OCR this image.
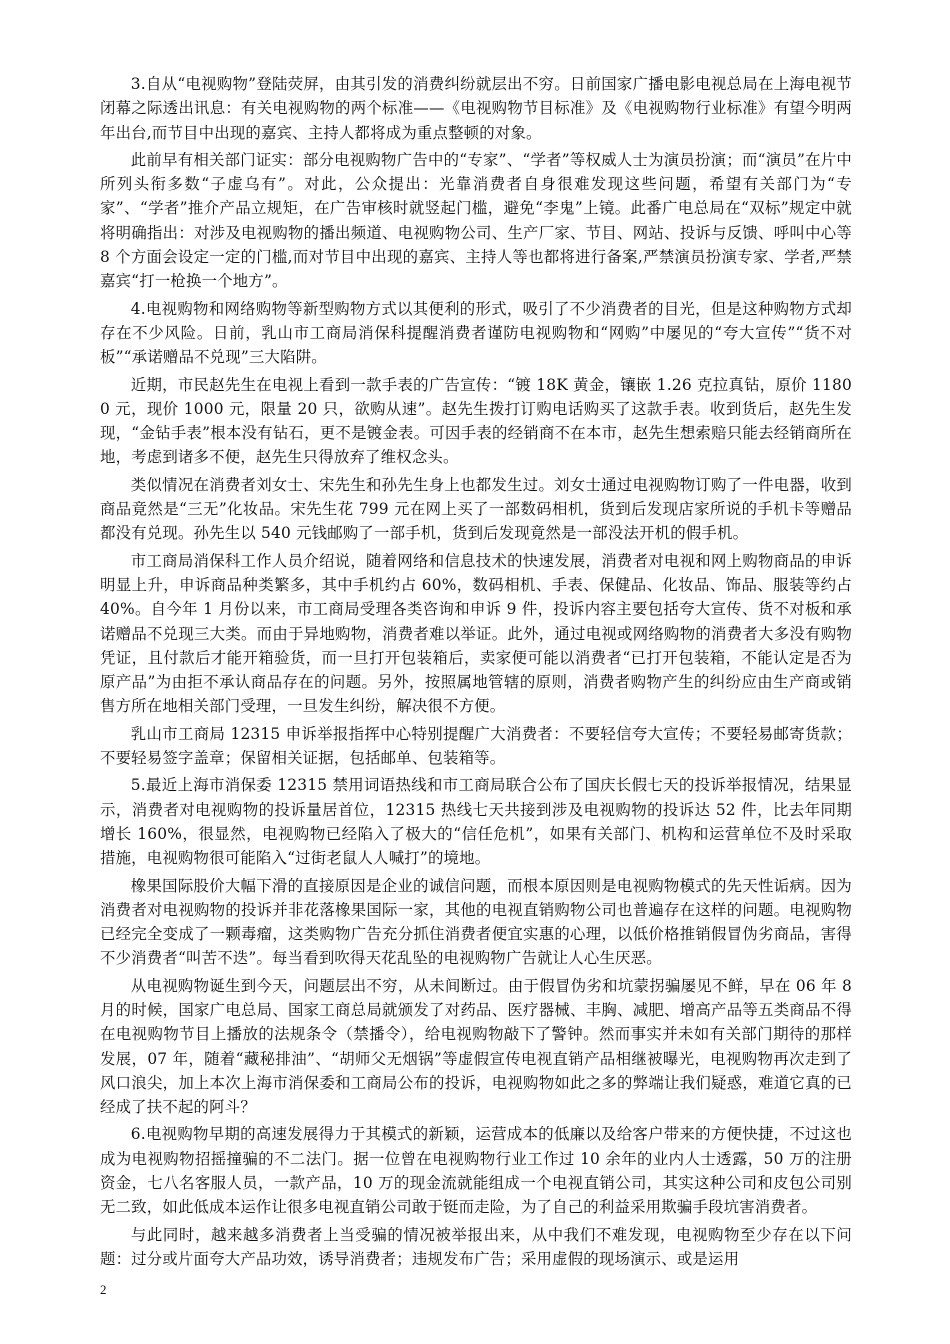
3.自从“电视购物”登陆荧屏，由其引发的消费纠纷就层出不穷。日前国家广播电影电视总局在上海电视节闭幕之际透出讯息：有关电视购物的两个标准——《电视购物节目标准》及《电视购物行业标准》有望今明两年出台,而节目中出现的嘉宾、主持人都将成为重点整顿的对象。

此前早有相关部门证实：部分电视购物广告中的“专家”、“学者”等权威人士为演员扮演；而“演员”在片中所列头衔多数“子虚乌有”。对此，公众提出：光靠消费者自身很难发现这些问题，希望有关部门为“专家”、“学者”推介产品立规矩，在广告审核时就竖起门槛，避免“李鬼”上镜。此番广电总局在“双标”规定中就将明确指出：对涉及电视购物的播出频道、电视购物公司、生产厂家、节目、网站、投诉与反馈、呼叫中心等 8 个方面会设定一定的门槛,而对节目中出现的嘉宾、主持人等也都将进行备案,严禁演员扮演专家、学者,严禁嘉宾“打一枪换一个地方”。

4.电视购物和网络购物等新型购物方式以其便利的形式，吸引了不少消费者的目光，但是这种购物方式却存在不少风险。日前，乳山市工商局消保科提醒消费者谨防电视购物和“网购”中屡见的“夸大宣传”“货不对板”“承诺赠品不兑现”三大陷阱。

近期，市民赵先生在电视上看到一款手表的广告宣传：“镀 18K 黄金，镶嵌 1.26 克拉真钻，原价 11800 元，现价 1000 元，限量 20 只，欲购从速”。赵先生拨打订购电话购买了这款手表。收到货后，赵先生发现，“金钻手表”根本没有钻石，更不是镀金表。可因手表的经销商不在本市，赵先生想索赔只能去经销商所在地，考虑到诸多不便，赵先生只得放弃了维权念头。

类似情况在消费者刘女士、宋先生和孙先生身上也都发生过。刘女士通过电视购物订购了一件电器，收到商品竟然是“三无”化妆品。宋先生花 799 元在网上买了一部数码相机，货到后发现店家所说的手机卡等赠品都没有兑现。孙先生以 540 元钱邮购了一部手机，货到后发现竟然是一部没法开机的假手机。

市工商局消保科工作人员介绍说，随着网络和信息技术的快速发展，消费者对电视和网上购物商品的申诉明显上升，申诉商品种类繁多，其中手机约占 60%，数码相机、手表、保健品、化妆品、饰品、服装等约占 40%。自今年 1 月份以来，市工商局受理各类咨询和申诉 9 件，投诉内容主要包括夸大宣传、货不对板和承诺赠品不兑现三大类。而由于异地购物，消费者难以举证。此外，通过电视或网络购物的消费者大多没有购物凭证，且付款后才能开箱验货，而一旦打开包装箱后，卖家便可能以消费者“已打开包装箱，不能认定是否为原产品”为由拒不承认商品存在的问题。另外，按照属地管辖的原则，消费者购物产生的纠纷应由生产商或销售方所在地相关部门受理，一旦发生纠纷，解决很不方便。

乳山市工商局 12315 申诉举报指挥中心特别提醒广大消费者：不要轻信夸大宣传；不要轻易邮寄货款；不要轻易签字盖章；保留相关证据，包括邮单、包装箱等。

5.最近上海市消保委 12315 禁用词语热线和市工商局联合公布了国庆长假七天的投诉举报情况，结果显示，消费者对电视购物的投诉量居首位，12315 热线七天共接到涉及电视购物的投诉达 52 件，比去年同期增长 160%，很显然，电视购物已经陷入了极大的“信任危机”，如果有关部门、机构和运营单位不及时采取措施，电视购物很可能陷入“过街老鼠人人喊打”的境地。

橡果国际股价大幅下滑的直接原因是企业的诚信问题，而根本原因则是电视购物模式的先天性诟病。因为消费者对电视购物的投诉并非花落橡果国际一家，其他的电视直销购物公司也普遍存在这样的问题。电视购物已经完全变成了一颗毒瘤，这类购物广告充分抓住消费者便宜实惠的心理，以低价格推销假冒伪劣商品，害得不少消费者“叫苦不迭”。每当看到吹得天花乱坠的电视购物广告就让人心生厌恶。

从电视购物诞生到今天，问题层出不穷，从未间断过。由于假冒伪劣和坑蒙拐骗屡见不鲜，早在 06 年 8 月的时候，国家广电总局、国家工商总局就颁发了对药品、医疗器械、丰胸、减肥、增高产品等五类商品不得在电视购物节目上播放的法规条令（禁播令），给电视购物敲下了警钟。然而事实并未如有关部门期待的那样发展，07 年，随着“藏秘排油”、“胡师父无烟锅”等虚假宣传电视直销产品相继被曝光，电视购物再次走到了风口浪尖，加上本次上海市消保委和工商局公布的投诉，电视购物如此之多的弊端让我们疑惑，难道它真的已经成了扶不起的阿斗？

6.电视购物早期的高速发展得力于其模式的新颖，运营成本的低廉以及给客户带来的方便快捷，不过这也成为电视购物招摇撞骗的不二法门。据一位曾在电视购物行业工作过 10 余年的业内人士透露，50 万的注册资金，七八名客服人员，一款产品，10 万的现金流就能组成一个电视直销公司，其实这种公司和皮包公司别无二致，如此低成本运作让很多电视直销公司敢于铤而走险，为了自己的利益采用欺骗手段坑害消费者。

与此同时，越来越多消费者上当受骗的情况被举报出来，从中我们不难发现，电视购物至少存在以下问题：过分或片面夸大产品功效，诱导消费者；违规发布广告；采用虚假的现场演示、或是运用

2
